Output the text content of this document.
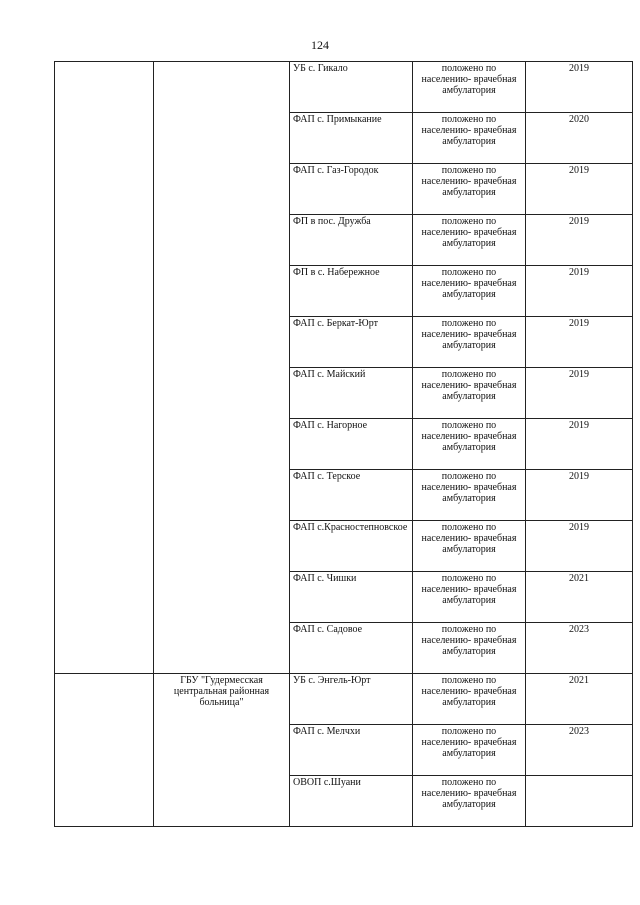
124
		УБ с. Гикало	положено по населению- врачебная амбулатория	2019
		ФАП с. Примыкание	положено по населению- врачебная амбулатория	2020
		ФАП с. Газ-Городок	положено по населению- врачебная амбулатория	2019
		ФП в пос. Дружба	положено по населению- врачебная амбулатория	2019
		ФП в с. Набережное	положено по населению- врачебная амбулатория	2019
		ФАП с. Беркат-Юрт	положено по населению- врачебная амбулатория	2019
		ФАП с. Майский	положено по населению- врачебная амбулатория	2019
		ФАП с. Нагорное	положено по населению- врачебная амбулатория	2019
		ФАП с. Терское	положено по населению- врачебная амбулатория	2019
		ФАП с.Красностепновское	положено по населению- врачебная амбулатория	2019
		ФАП с. Чишки	положено по населению- врачебная амбулатория	2021
		ФАП с. Садовое	положено по населению- врачебная амбулатория	2023
	ГБУ "Гудермесская центральная районная больница"	УБ с. Энгель-Юрт	положено по населению- врачебная амбулатория	2021
		ФАП с. Мелчхи	положено по населению- врачебная амбулатория	2023
		ОВОП с.Шуани	положено по населению- врачебная амбулатория	
